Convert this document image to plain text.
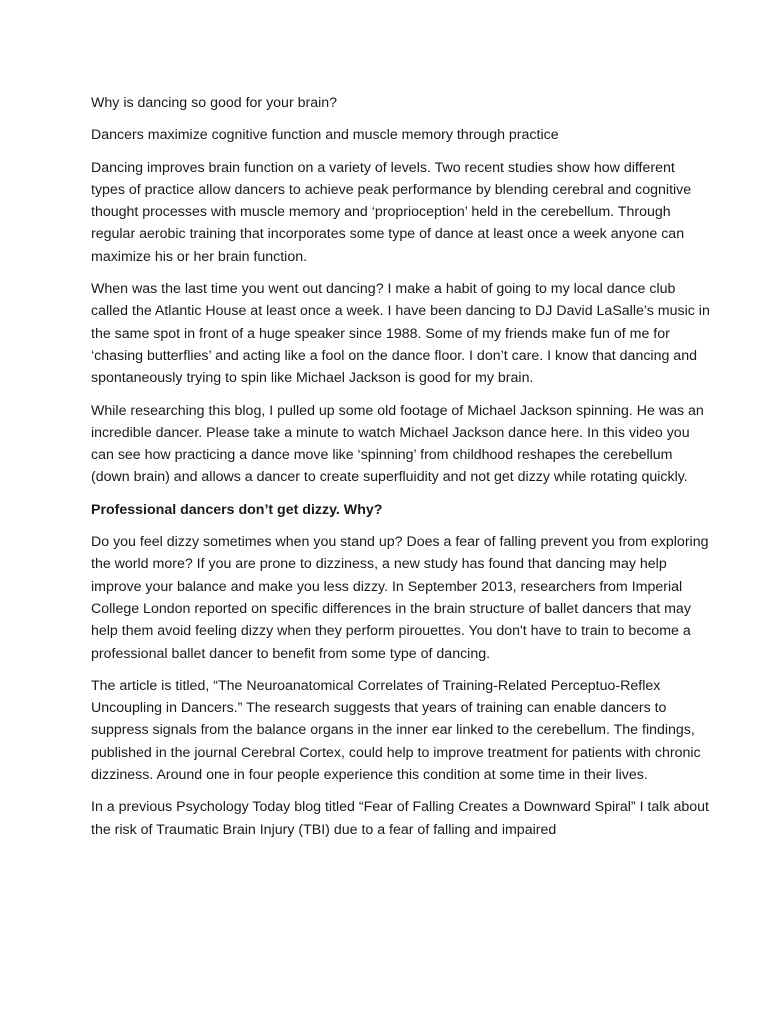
Why is dancing so good for your brain?

Dancers maximize cognitive function and muscle memory through practice

Dancing improves brain function on a variety of levels. Two recent studies show how different types of practice allow dancers to achieve peak performance by blending cerebral and cognitive thought processes with muscle memory and ‘proprioception’ held in the cerebellum. Through regular aerobic training that incorporates some type of dance at least once a week anyone can maximize his or her brain function.

When was the last time you went out dancing? I make a habit of going to my local dance club called the Atlantic House at least once a week. I have been dancing to DJ David LaSalle’s music in the same spot in front of a huge speaker since 1988. Some of my friends make fun of me for ‘chasing butterflies’ and acting like a fool on the dance floor. I don’t care. I know that dancing and spontaneously trying to spin like Michael Jackson is good for my brain.

While researching this blog, I pulled up some old footage of Michael Jackson spinning. He was an incredible dancer. Please take a minute to watch Michael Jackson dance here. In this video you can see how practicing a dance move like ‘spinning’ from childhood reshapes the cerebellum (down brain) and allows a dancer to create superfluidity and not get dizzy while rotating quickly.

Professional dancers don’t get dizzy. Why?

Do you feel dizzy sometimes when you stand up? Does a fear of falling prevent you from exploring the world more? If you are prone to dizziness, a new study has found that dancing may help improve your balance and make you less dizzy. In September 2013, researchers from Imperial College London reported on specific differences in the brain structure of ballet dancers that may help them avoid feeling dizzy when they perform pirouettes. You don't have to train to become a professional ballet dancer to benefit from some type of dancing.

The article is titled, “The Neuroanatomical Correlates of Training-Related Perceptuo-Reflex Uncoupling in Dancers.” The research suggests that years of training can enable dancers to suppress signals from the balance organs in the inner ear linked to the cerebellum. The findings, published in the journal Cerebral Cortex, could help to improve treatment for patients with chronic dizziness. Around one in four people experience this condition at some time in their lives.

In a previous Psychology Today blog titled “Fear of Falling Creates a Downward Spiral” I talk about the risk of Traumatic Brain Injury (TBI) due to a fear of falling and impaired
